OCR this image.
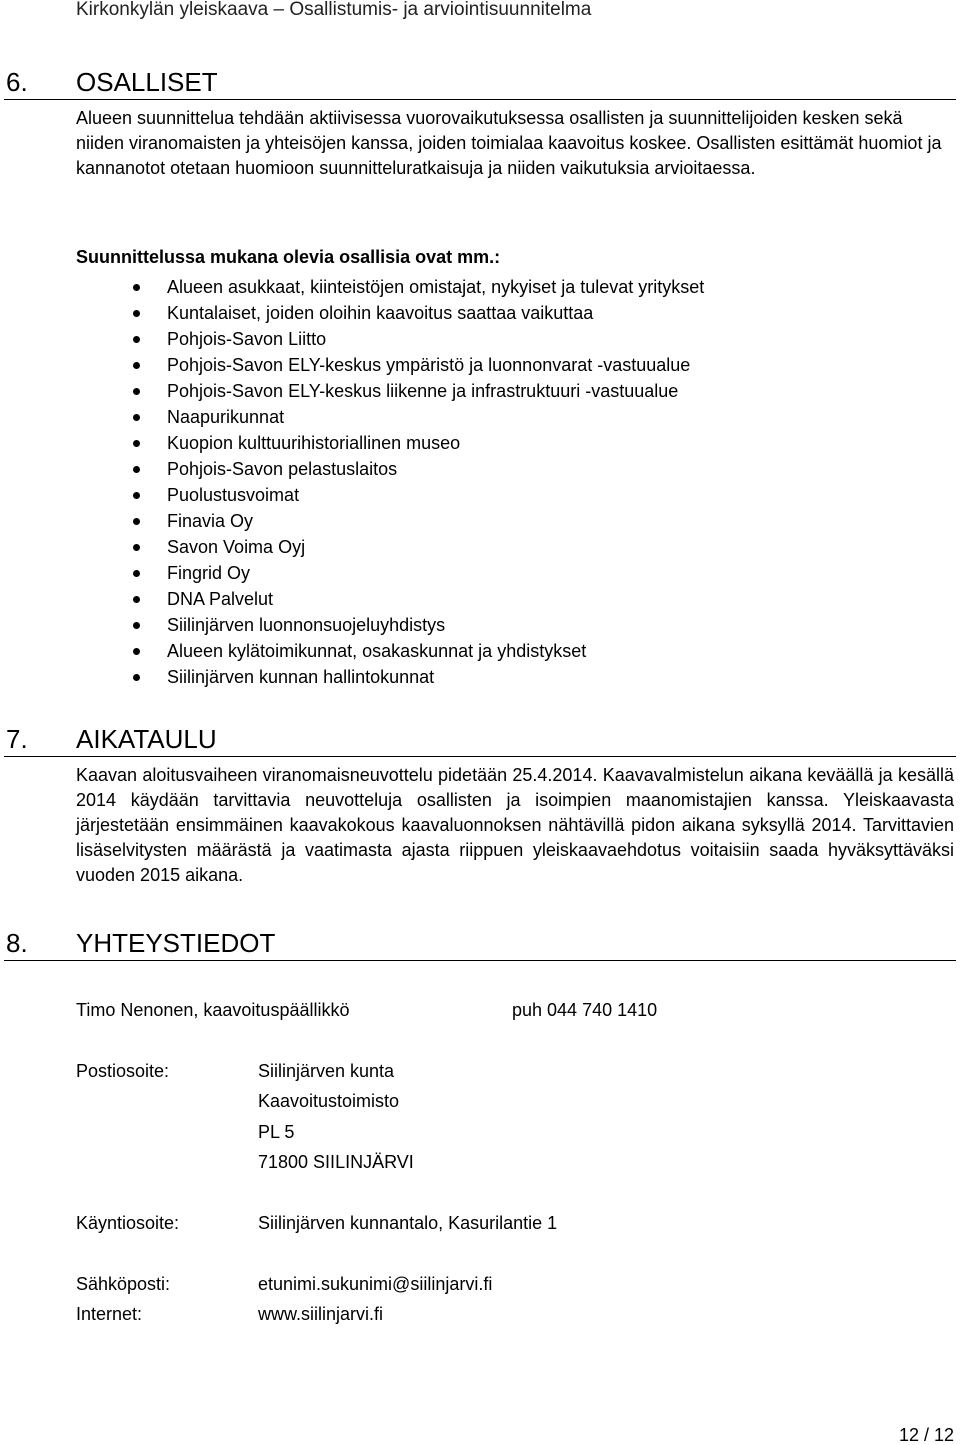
Kirkonkylän yleiskaava – Osallistumis- ja arviointisuunnitelma
6. OSALLISET

Alueen suunnittelua tehdään aktiivisessa vuorovaikutuksessa osallisten ja suunnittelijoiden kesken sekä niiden viranomaisten ja yhteisöjen kanssa, joiden toimialaa kaavoitus koskee. Osallisten esittämät huomiot ja kannanotot otetaan huomioon suunnitteluratkaisuja ja niiden vaikutuksia arvioitaessa.

Suunnittelussa mukana olevia osallisia ovat mm.:
Alueen asukkaat, kiinteistöjen omistajat, nykyiset ja tulevat yritykset
Kuntalaiset, joiden oloihin kaavoitus saattaa vaikuttaa
Pohjois-Savon Liitto
Pohjois-Savon ELY-keskus ympäristö ja luonnonvarat -vastuualue
Pohjois-Savon ELY-keskus liikenne ja infrastruktuuri -vastuualue
Naapurikunnat
Kuopion kulttuurihistoriallinen museo
Pohjois-Savon pelastuslaitos
Puolustusvoimat
Finavia Oy
Savon Voima Oyj
Fingrid Oy
DNA Palvelut
Siilinjärven luonnonsuojeluyhdistys
Alueen kylätoimikunnat, osakaskunnat ja yhdistykset
Siilinjärven kunnan hallintokunnat
7. AIKATAULU

Kaavan aloitusvaiheen viranomaisneuvottelu pidetään 25.4.2014. Kaavavalmistelun aikana keväällä ja kesällä 2014 käydään tarvittavia neuvotteluja osallisten ja isoimpien maanomistajien kanssa. Yleiskaavasta järjestetään ensimmäinen kaavakokous kaavaluonnoksen nähtävillä pidon aikana syksyllä 2014. Tarvittavien lisäselvitysten määrästä ja vaatimasta ajasta riippuen yleiskaavaehdotus voitaisiin saada hyväksyttäväksi vuoden 2015 aikana.

8. YHTEYSTIEDOT
Timo Nenonen, kaavoituspäällikkö	puh 044 740 1410
Postiosoite:	Siilinjärven kunta
Kaavoitustoimisto
PL 5
71800 SIILINJÄRVI
Käyntiosoite:	Siilinjärven kunnantalo, Kasurilantie 1
Sähköposti:	etunimi.sukunimi@siilinjarvi.fi
Internet:	www.siilinjarvi.fi
12 / 12
